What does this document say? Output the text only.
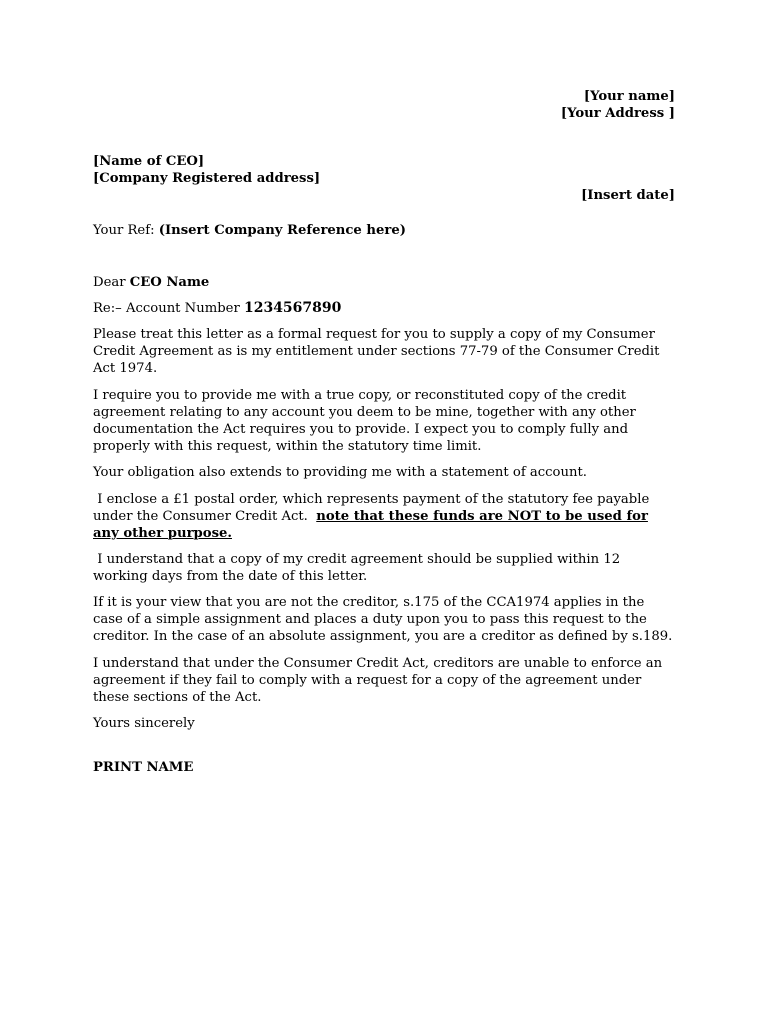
[Your name]

[Your Address ]

[Name of CEO]

[Company Registered address]

[Insert date]

Your Ref: (Insert Company Reference here)

Dear CEO Name

Re:– Account Number 1234567890

Please treat this letter as a formal request for you to supply a copy of my Consumer Credit Agreement as is my entitlement under sections 77-79 of the Consumer Credit Act 1974.

I require you to provide me with a true copy, or reconstituted copy of the credit agreement relating to any account you deem to be mine, together with any other documentation the Act requires you to provide. I expect you to comply fully and properly with this request, within the statutory time limit.

Your obligation also extends to providing me with a statement of account.

I enclose a £1 postal order, which represents payment of the statutory fee payable under the Consumer Credit Act.  note that these funds are NOT to be used for any other purpose.

I understand that a copy of my credit agreement should be supplied within 12 working days from the date of this letter.

If it is your view that you are not the creditor, s.175 of the CCA1974 applies in the case of a simple assignment and places a duty upon you to pass this request to the creditor. In the case of an absolute assignment, you are a creditor as defined by s.189.

I understand that under the Consumer Credit Act, creditors are unable to enforce an agreement if they fail to comply with a request for a copy of the agreement under these sections of the Act.

Yours sincerely

PRINT NAME
